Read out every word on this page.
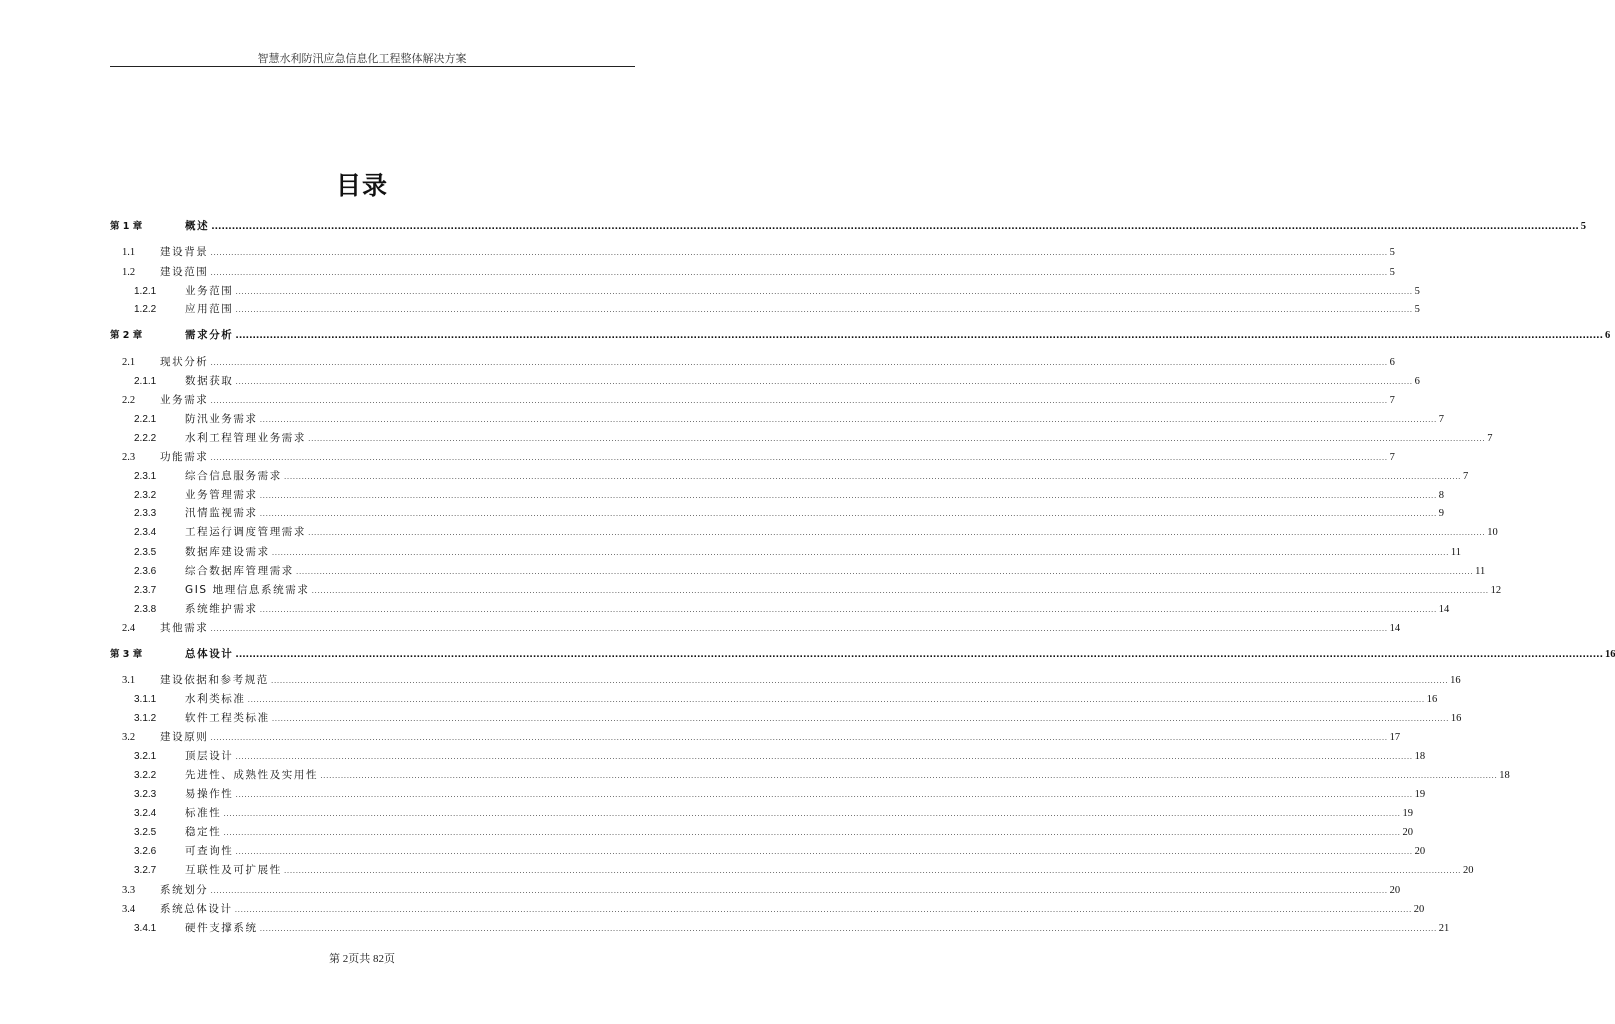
智慧水利防汛应急信息化工程整体解决方案
目录
第 1 章	概述 ................................................................................................................................................................................................................................................................................................................................................................................................................ 5
1.1	建设背景 ................................................................................................................................................................................................................................................................................................................................................................................................................ 5
1.2	建设范围 ................................................................................................................................................................................................................................................................................................................................................................................................................ 5
1.2.1	业务范围 ................................................................................................................................................................................................................................................................................................................................................................................................................ 5
1.2.2	应用范围 ................................................................................................................................................................................................................................................................................................................................................................................................................ 5
第 2 章	需求分析 ................................................................................................................................................................................................................................................................................................................................................................................................................ 6
2.1	现状分析 ................................................................................................................................................................................................................................................................................................................................................................................................................ 6
2.1.1	数据获取 ................................................................................................................................................................................................................................................................................................................................................................................................................ 6
2.2	业务需求 ................................................................................................................................................................................................................................................................................................................................................................................................................ 7
2.2.1	防汛业务需求 ................................................................................................................................................................................................................................................................................................................................................................................................................ 7
2.2.2	水利工程管理业务需求 ................................................................................................................................................................................................................................................................................................................................................................................................................ 7
2.3	功能需求 ................................................................................................................................................................................................................................................................................................................................................................................................................ 7
2.3.1	综合信息服务需求 ................................................................................................................................................................................................................................................................................................................................................................................................................ 7
2.3.2	业务管理需求 ................................................................................................................................................................................................................................................................................................................................................................................................................ 8
2.3.3	汛情监视需求 ................................................................................................................................................................................................................................................................................................................................................................................................................ 9
2.3.4	工程运行调度管理需求 ................................................................................................................................................................................................................................................................................................................................................................................................................ 10
2.3.5	数据库建设需求 ................................................................................................................................................................................................................................................................................................................................................................................................................ 11
2.3.6	综合数据库管理需求 ................................................................................................................................................................................................................................................................................................................................................................................................................ 11
2.3.7	GIS 地理信息系统需求 ................................................................................................................................................................................................................................................................................................................................................................................................................ 12
2.3.8	系统维护需求 ................................................................................................................................................................................................................................................................................................................................................................................................................ 14
2.4	其他需求 ................................................................................................................................................................................................................................................................................................................................................................................................................ 14
第 3 章	总体设计 ................................................................................................................................................................................................................................................................................................................................................................................................................ 16
3.1	建设依据和参考规范 ................................................................................................................................................................................................................................................................................................................................................................................................................ 16
3.1.1	水利类标准 ................................................................................................................................................................................................................................................................................................................................................................................................................ 16
3.1.2	软件工程类标准 ................................................................................................................................................................................................................................................................................................................................................................................................................ 16
3.2	建设原则 ................................................................................................................................................................................................................................................................................................................................................................................................................ 17
3.2.1	顶层设计 ................................................................................................................................................................................................................................................................................................................................................................................................................ 18
3.2.2	先进性、成熟性及实用性 ................................................................................................................................................................................................................................................................................................................................................................................................................ 18
3.2.3	易操作性 ................................................................................................................................................................................................................................................................................................................................................................................................................ 19
3.2.4	标准性 ................................................................................................................................................................................................................................................................................................................................................................................................................ 19
3.2.5	稳定性 ................................................................................................................................................................................................................................................................................................................................................................................................................ 20
3.2.6	可查询性 ................................................................................................................................................................................................................................................................................................................................................................................................................ 20
3.2.7	互联性及可扩展性 ................................................................................................................................................................................................................................................................................................................................................................................................................ 20
3.3	系统划分 ................................................................................................................................................................................................................................................................................................................................................................................................................ 20
3.4	系统总体设计 ................................................................................................................................................................................................................................................................................................................................................................................................................ 20
3.4.1	硬件支撑系统 ................................................................................................................................................................................................................................................................................................................................................................................................................ 21
第 2页共 82页
